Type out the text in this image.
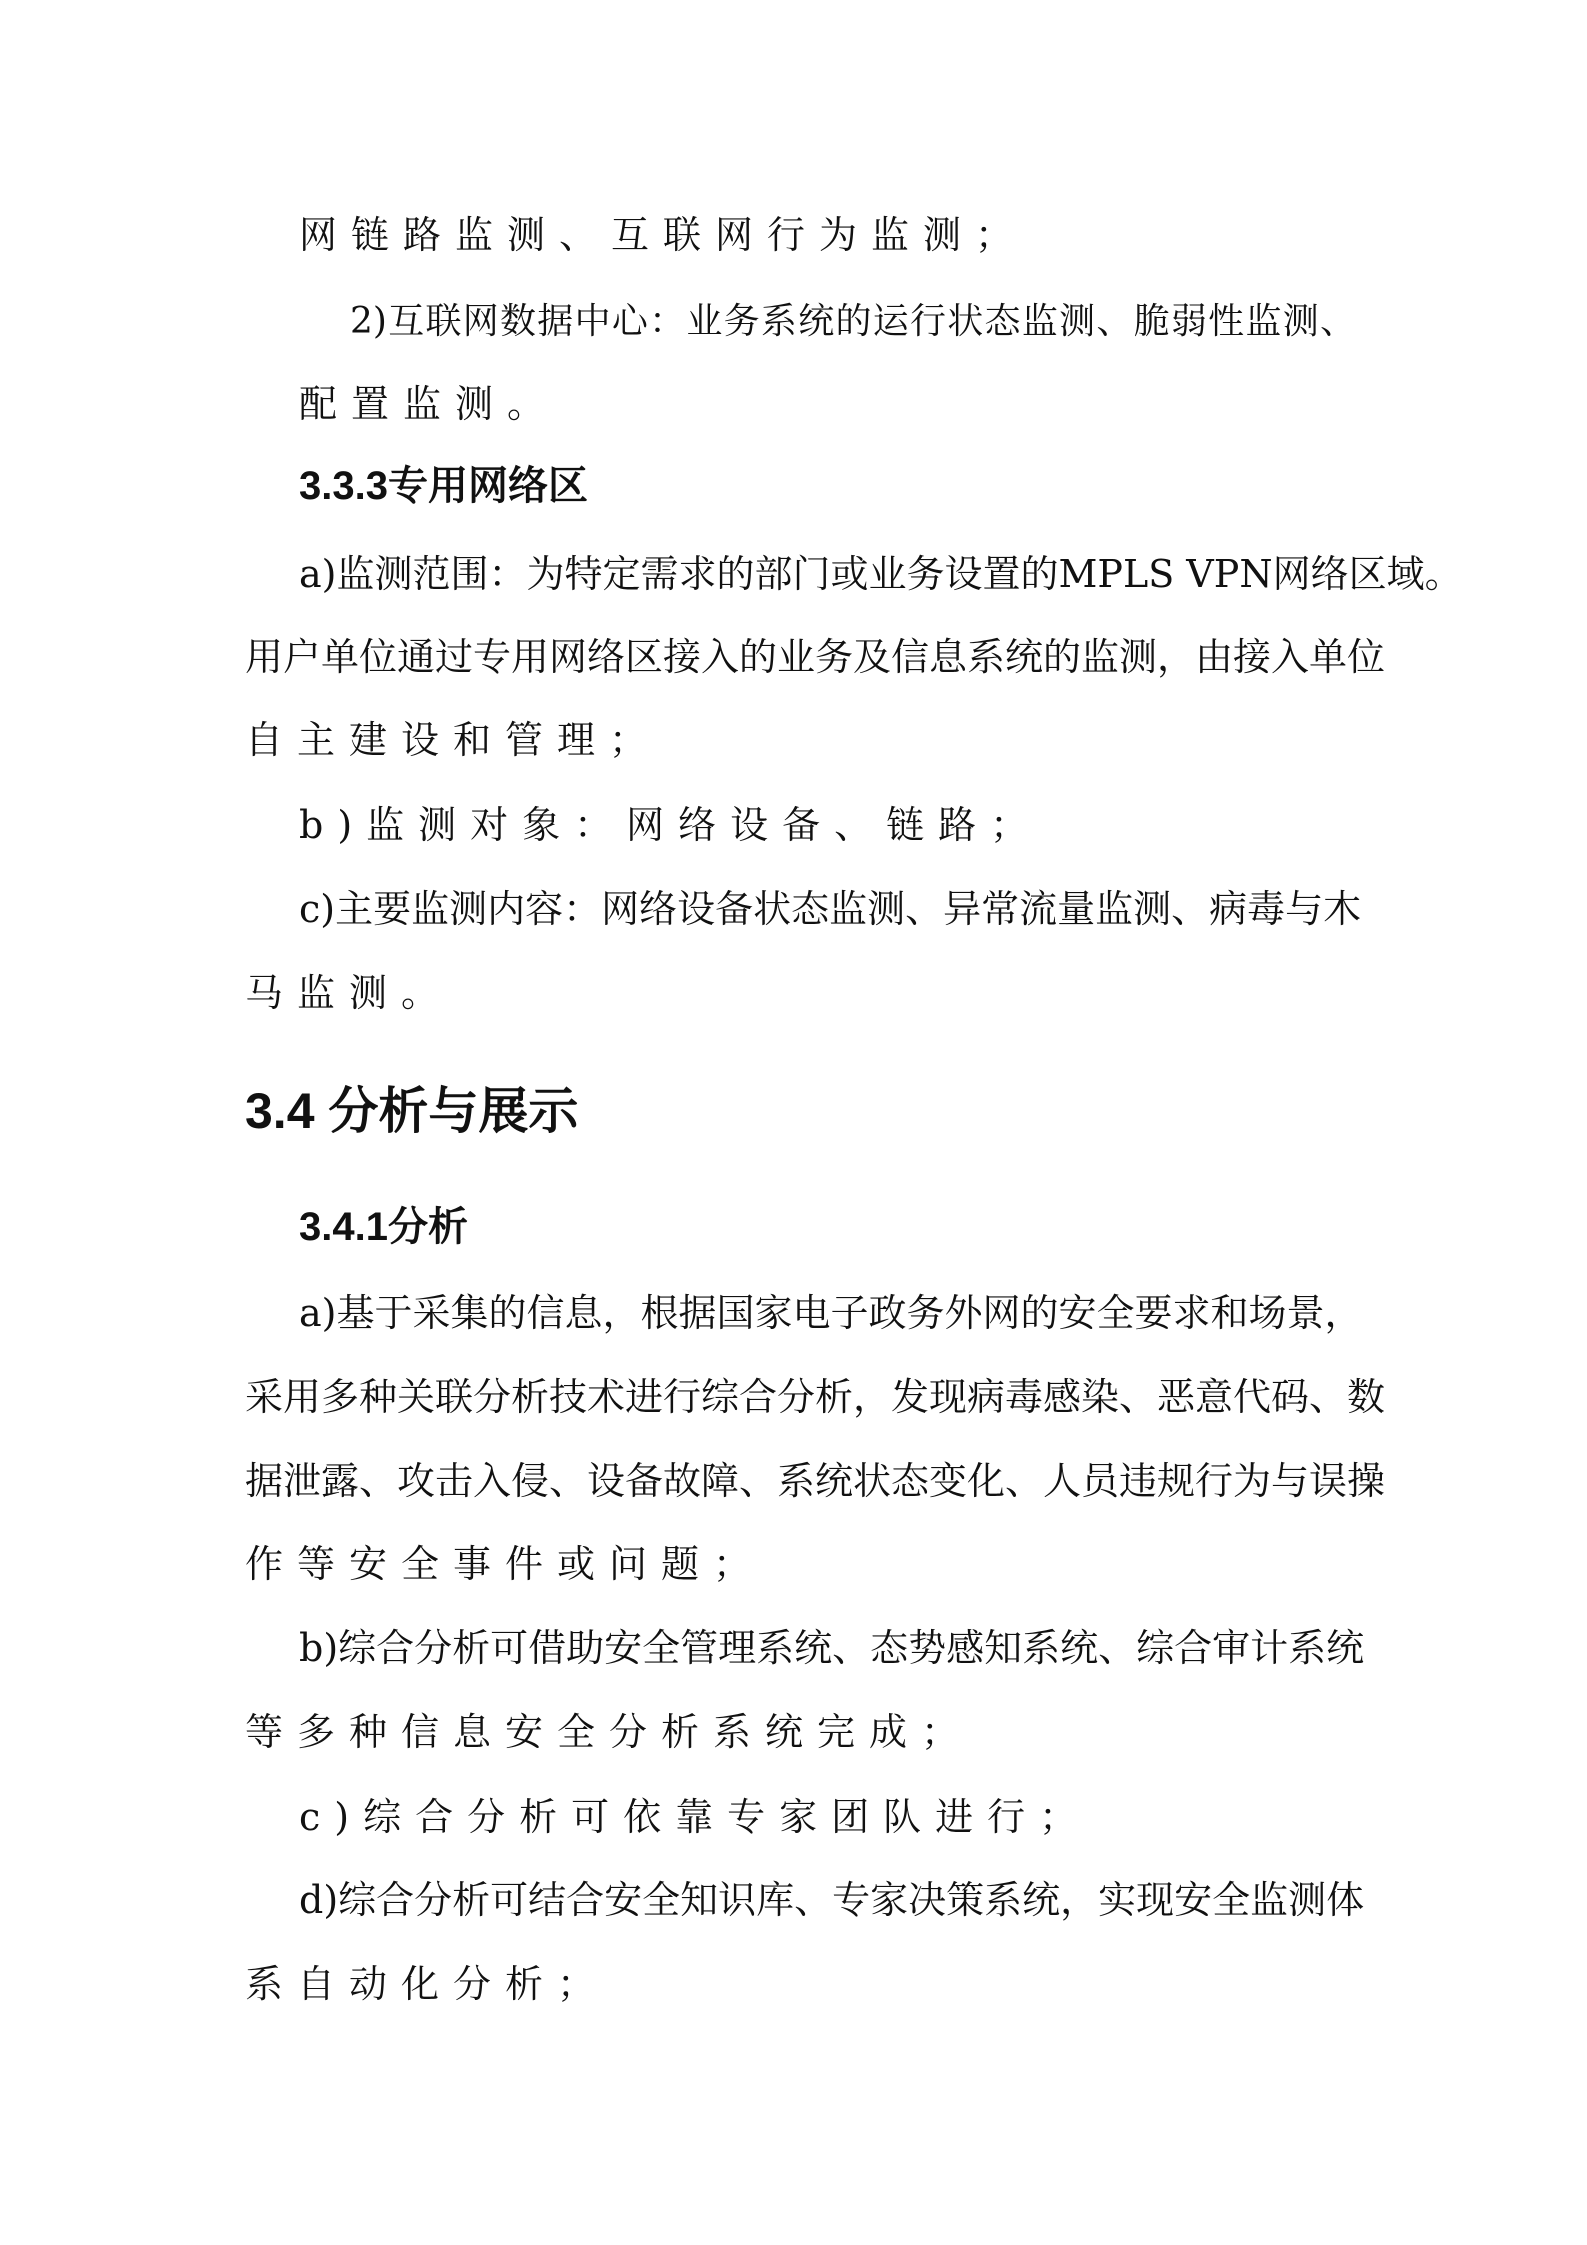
网链路监测、互联网行为监测；
2)互联网数据中心：业务系统的运行状态监测、脆弱性监测、
配置监测。
3.3.3专用网络区
a)监测范围：为特定需求的部门或业务设置的MPLS VPN网络区域。
用户单位通过专用网络区接入的业务及信息系统的监测，由接入单位
自主建设和管理；
b)监测对象：网络设备、链路；
c)主要监测内容：网络设备状态监测、异常流量监测、病毒与木
马监测。
3.4 分析与展示
3.4.1分析
a)基于采集的信息，根据国家电子政务外网的安全要求和场景，
采用多种关联分析技术进行综合分析，发现病毒感染、恶意代码、数
据泄露、攻击入侵、设备故障、系统状态变化、人员违规行为与误操
作等安全事件或问题；
b)综合分析可借助安全管理系统、态势感知系统、综合审计系统
等多种信息安全分析系统完成；
c)综合分析可依靠专家团队进行；
d)综合分析可结合安全知识库、专家决策系统，实现安全监测体
系自动化分析；
